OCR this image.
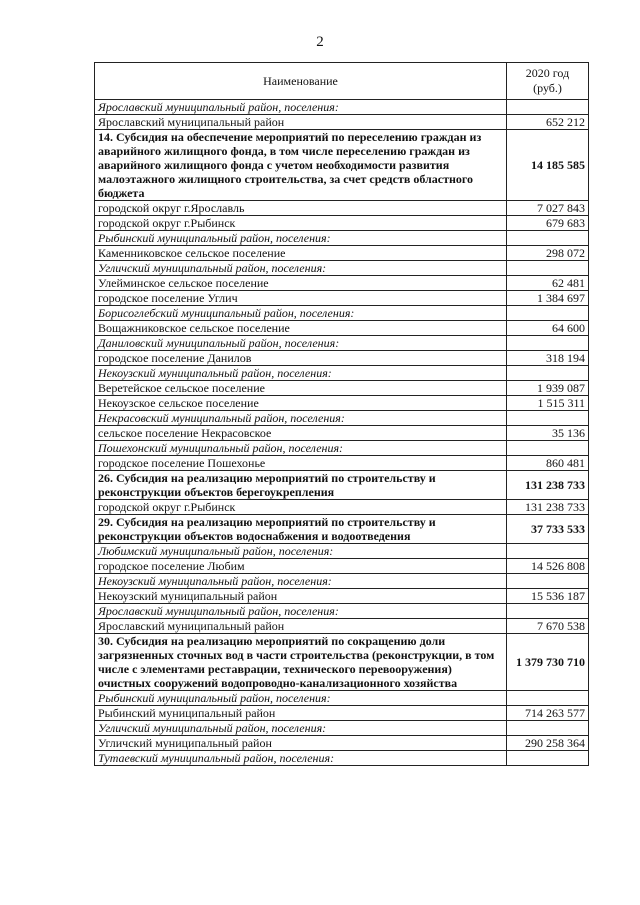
2
Наименование	2020 год (руб.)
Ярославский муниципальный район, поселения:	
Ярославский муниципальный район	652 212
14. Субсидия на обеспечение мероприятий по переселению граждан из аварийного жилищного фонда, в том числе переселению граждан из аварийного жилищного фонда с учетом необходимости развития малоэтажного жилищного строительства, за счет средств областного бюджета	14 185 585
городской округ г.Ярославль	7 027 843
городской округ г.Рыбинск	679 683
Рыбинский муниципальный район, поселения:	
Каменниковское сельское поселение	298 072
Угличский муниципальный район, поселения:	
Улейминское сельское поселение	62 481
городское поселение Углич	1 384 697
Борисоглебский муниципальный район, поселения:	
Вощажниковское сельское поселение	64 600
Даниловский муниципальный район, поселения:	
городское поселение Данилов	318 194
Некоузский муниципальный район, поселения:	
Веретейское сельское поселение	1 939 087
Некоузское сельское поселение	1 515 311
Некрасовский муниципальный район, поселения:	
сельское поселение Некрасовское	35 136
Пошехонский муниципальный район, поселения:	
городское поселение Пошехонье	860 481
26. Субсидия на реализацию мероприятий по строительству и реконструкции объектов берегоукрепления	131 238 733
городской округ г.Рыбинск	131 238 733
29. Субсидия на реализацию мероприятий по строительству и реконструкции объектов водоснабжения и водоотведения	37 733 533
Любимский муниципальный район, поселения:	
городское поселение Любим	14 526 808
Некоузский муниципальный район, поселения:	
Некоузский муниципальный район	15 536 187
Ярославский муниципальный район, поселения:	
Ярославский муниципальный район	7 670 538
30. Субсидия на реализацию мероприятий по сокращению доли загрязненных сточных вод в части строительства (реконструкции, в том числе с элементами реставрации, технического перевооружения) очистных сооружений водопроводно-канализационного хозяйства	1 379 730 710
Рыбинский муниципальный район, поселения:	
Рыбинский муниципальный район	714 263 577
Угличский муниципальный район, поселения:	
Угличский муниципальный район	290 258 364
Тутаевский муниципальный район, поселения:	
